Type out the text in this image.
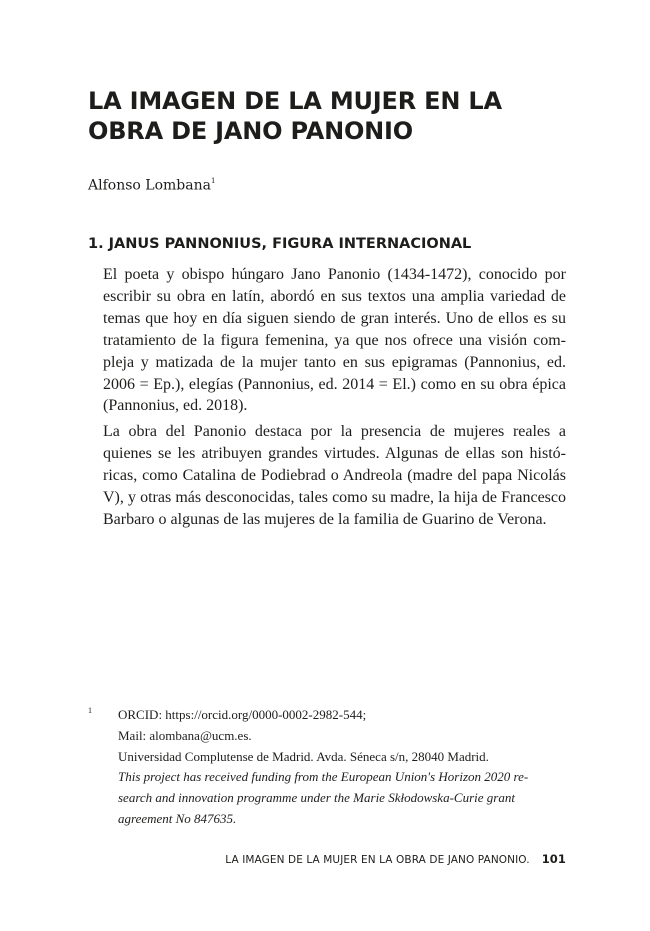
LA IMAGEN DE LA MUJER EN LA
OBRA DE JANO PANONIO
Alfonso Lombana$^1$
1. JANUS PANNONIUS, FIGURA INTERNACIONAL

El poeta y obispo húngaro Jano Panonio (1434-1472), conocido por
escribir su obra en latín, abordó en sus textos una amplia variedad de
temas que hoy en día siguen siendo de gran interés. Uno de ellos es su
tratamiento de la figura femenina, ya que nos ofrece una visión com-
pleja y matizada de la mujer tanto en sus epigramas (Pannonius, ed.
2006 = Ep.), elegías (Pannonius, ed. 2014 = El.) como en su obra épica
(Pannonius, ed. 2018).

La obra del Panonio destaca por la presencia de mujeres reales a
quienes se les atribuyen grandes virtudes. Algunas de ellas son histó-
ricas, como Catalina de Podiebrad o Andreola (madre del papa Nicolás
V), y otras más desconocidas, tales como su madre, la hija de Francesco
Barbaro o algunas de las mujeres de la familia de Guarino de Verona.

1 ORCID: https://orcid.org/0000-0002-2982-544;
Mail: alombana@ucm.es.
Universidad Complutense de Madrid. Avda. Séneca s/n, 28040 Madrid.
This project has received funding from the European Union's Horizon 2020 re-
search and innovation programme under the Marie Skłodowska-Curie grant
agreement No 847635.
LA IMAGEN DE LA MUJER EN LA OBRA DE JANO PANONIO. 101
